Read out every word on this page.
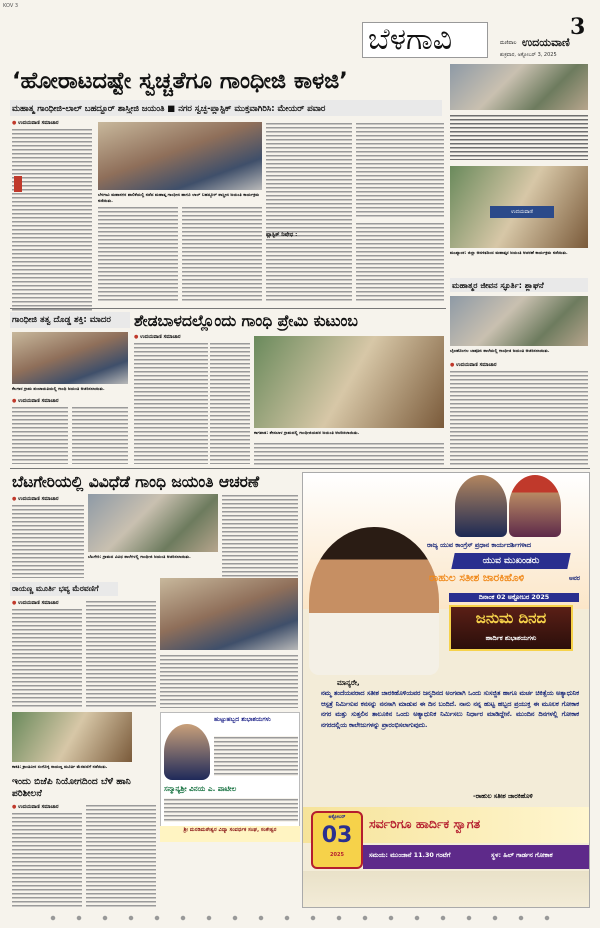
KOV 3
ಬೆಳಗಾವಿ	3
ಮಣಿಪಾಲ ಉದಯವಾಣಿ
ಶುಕ್ರವಾರ, ಅಕ್ಟೋಬರ್ 3, 2025
‘ಹೋರಾಟದಷ್ಟೇ ಸ್ವಚ್ಚತೆಗೂ ಗಾಂಧೀಜಿ ಕಾಳಜಿ’
ಮಹಾತ್ಮ ಗಾಂಧೀಜಿ-ಲಾಲ್ ಬಹದ್ದೂರ್ ಶಾಸ್ತ್ರೀಜಿ ಜಯಂತಿ ■ ನಗರ ಸ್ವಚ್ಛ-ಪ್ಲಾಸ್ಟಿಕ್ ಮುಕ್ತವಾಗಿರಿಸಿ: ಮೇಯರ್ ಪವಾರ
● ಉದಯವಾಣಿ ಸಮಾಚಾರ
ಬೆಳಗಾವಿ ಮಹಾನಗರ ಪಾಲಿಕೆಯಲ್ಲಿ ನಡೆದ ಮಹಾತ್ಮ ಗಾಂಧೀಜಿ ಹಾಗೂ ಲಾಲ್ ಬಹದ್ದೂರ್ ಶಾಸ್ತ್ರೀಜಿ ಜಯಂತಿ ಕಾರ್ಯಕ್ರಮ ನಡೆಯಿತು.
ಪ್ಲಾಸ್ಟಿಕ್ ನಿಷೇಧ :
ಉದಯವಾಣಿ
ಮುಖ್ಯಾಂಶ: ಜಿಲ್ಲಾ ಆಡಳಿತದಿಂದ ಮಹಾತ್ಮರ ಜಯಂತಿ ಆಚರಣೆ ಕಾರ್ಯಕ್ರಮ ನಡೆಯಿತು.
ಮಹಾತ್ಮರ ಜೀವನ ಸ್ಫೂರ್ತಿ: ಶ್ಲಾಘನೆ
ಬೈಲಹೊಂಗಲ ಬಾಪೂಜಿ ಶಾಲೆಯಲ್ಲಿ ಗಾಂಧೀಜಿ ಜಯಂತಿ ಆಚರಿಸಲಾಯಿತು.
● ಉದಯವಾಣಿ ಸಮಾಚಾರ
ಗಾಂಧೀಜಿ ತತ್ವ ದೊಡ್ಡ ಶಕ್ತಿ: ಮಾದರ
ಕೆಲಗಾರ ಗ್ರಾಮ ಪಂಚಾಯತಿಯಲ್ಲಿ ಗಾಂಧಿ ಜಯಂತಿ ಆಚರಿಸಲಾಯಿತು.
● ಉದಯವಾಣಿ ಸಮಾಚಾರ
ಶೇಡಬಾಳದಲ್ಲೊಂದು ಗಾಂಧಿ ಪ್ರೇಮಿ ಕುಟುಂಬ
● ಉದಯವಾಣಿ ಸಮಾಚಾರ
ಕಾಗವಾಡ: ಶೇಡಬಾಳ ಗ್ರಾಮದಲ್ಲಿ ಗಾಂಧೀಜಿಯವರ ಜಯಂತಿ ಆಚರಿಸಲಾಯಿತು.
ಬೆಟಗೇರಿಯಲ್ಲಿ ವಿವಿಧೆಡೆ ಗಾಂಧಿ ಜಯಂತಿ ಆಚರಣೆ
● ಉದಯವಾಣಿ ಸಮಾಚಾರ
ಬೆಟಗೇರಿ: ಗ್ರಾಮದ ವಿವಿಧ ಶಾಲೆಗಳಲ್ಲಿ ಗಾಂಧೀಜಿ ಜಯಂತಿ ಆಚರಿಸಲಾಯಿತು.
ರಾಯಣ್ಣ ಮೂರ್ತಿ ಭವ್ಯ ಮೆರವಣಿಗೆ
● ಉದಯವಾಣಿ ಸಮಾಚಾರ
ಕಾಕತಿ: ಕ್ರಾಂತಿವೀರ ಸಂಗೊಳ್ಳಿ ರಾಯಣ್ಣ ಮೂರ್ತಿ ಮೆರವಣಿಗೆ ನಡೆಯಿತು.
ಹುಟ್ಟುಹಬ್ಬದ ಶುಭಾಶಯಗಳು
ಸನ್ಮಾನ್ಯಶ್ರೀ ವಿನಯ ಎ. ಪಾಟೀಲ
ಶ್ರೀ ಮರಡಿಮಠೇಶ್ವರ ವಿದ್ಯಾ ಸಂವರ್ಧಕ ಸಂಘ, ಸಂಕೇಶ್ವರ
ಇಂದು ಬಿಜೆಪಿ ನಿಯೋಗದಿಂದ ಬೆಳೆ ಹಾನಿ ಪರಿಶೀಲನೆ
● ಉದಯವಾಣಿ ಸಮಾಚಾರ
ರಾಜ್ಯ ಯುವ ಕಾಂಗ್ರೆಸ್ ಪ್ರಧಾನ ಕಾರ್ಯದರ್ಶಿಗಳಾದ
ಯುವ ಮುಖಂಡರು
ರಾಹುಲ ಸತೀಶ ಜಾರಕಿಹೊಳಿ	ಅವರ
ದಿನಾಂಕ 02 ಅಕ್ಟೋಬರ 2025
ಜನುಮ ದಿನದ
ಹಾರ್ದಿಕ ಶುಭಾಶಯಗಳು
ಮಾನ್ಯರೇ,
ನಮ್ಮ ತಂದೆಯವರಾದ ಸತೀಶ ಜಾರಕಿಹೊಳಿಯವರ ಜನ್ಮದಿನದ ಅಂಗವಾಗಿ ಒಂದು ಸುಸಜ್ಜಿತ ಹಾಗೂ ಮರ್ಚ ಚಿಕಿತ್ಸೆಯ ಅತ್ಯಾಧುನಿಕ ಆಸ್ಪತ್ರೆ ನಿರ್ಮಿಸುವ ಕನಸನ್ನು ನನಸಾಗಿ ಮಾಡುವ ಈ ದಿನ ಬಂದಿದೆ. ನಾನು ನನ್ನ ಹುಟ್ಟ ಹಬ್ಬದ ಪ್ರಯುಕ್ತ ಈ ಮೂಲಕ ಗೋಕಾಕ ನಗರ ಮತ್ತು ಸುತ್ತಲಿನ ತಾಲೂಕಿನ ಒಂದು ಅತ್ಯಾಧುನಿಕ ನಿರ್ಮಿಸಲು ನಿರ್ಧಾರ ಮಾಡಿದ್ದೇನೆ. ಮುಂದಿನ ದಿನಗಳಲ್ಲಿ ಗೋಕಾಕ ನಗರದಲ್ಲಿಯ ಕಾಲೇಜುಗಳನ್ನು ಪ್ರಾರಂಭಿಸಲಾಗುವುದು.
-ರಾಹುಲ ಸತೀಶ ಜಾರಕಿಹೊಳಿ
ಸರ್ವರಿಗೂ ಹಾರ್ದಿಕ ಸ್ವಾಗತ
ಅಕ್ಟೋಬರ್
03
2025	ಸಮಯ: ಮುಂಜಾನೆ 11.30 ಗಂಟೆಗೆ	ಸ್ಥಳ: ಹಿಲ್ ಗಾರ್ಡನ ಗೋಕಾಕ
